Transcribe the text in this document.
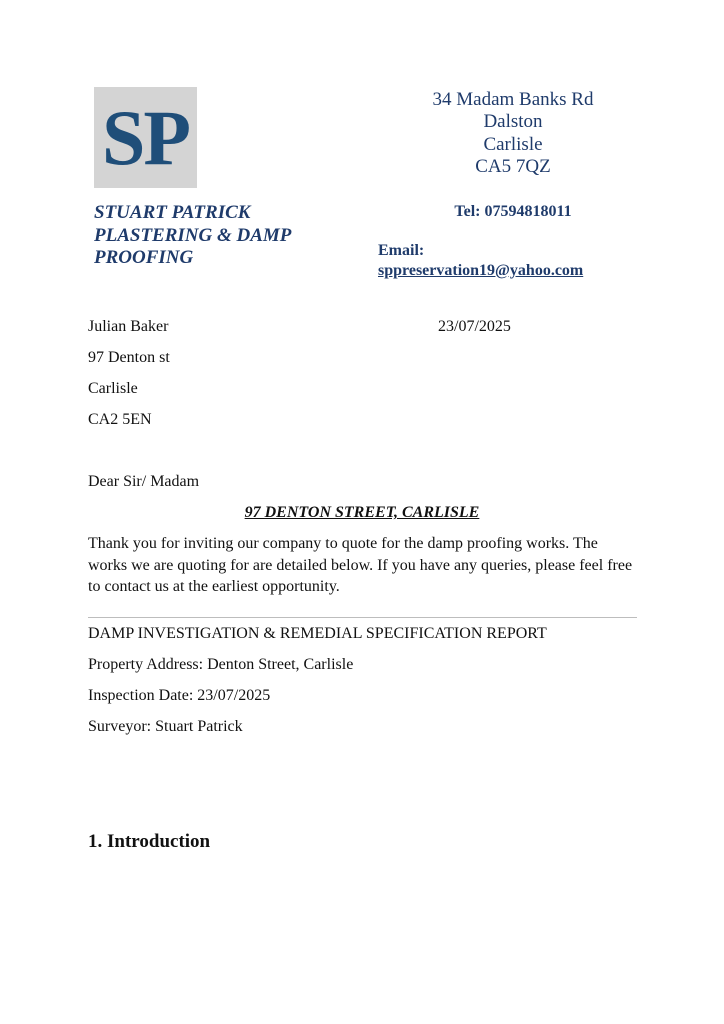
SP
STUART PATRICK
PLASTERING & DAMP
PROOFING
34 Madam Banks Rd
Dalston
Carlisle
CA5 7QZ
Tel: 07594818011
Email:
sppreservation19@yahoo.com
Julian Baker
97 Denton st
Carlisle
CA2 5EN
23/07/2025
Dear Sir/ Madam
97 DENTON STREET, CARLISLE
Thank you for inviting our company to quote for the damp proofing works. The works we are quoting for are detailed below. If you have any queries, please feel free to contact us at the earliest opportunity.
DAMP INVESTIGATION & REMEDIAL SPECIFICATION REPORT
Property Address: Denton Street, Carlisle
Inspection Date: 23/07/2025
Surveyor: Stuart Patrick
1. Introduction
